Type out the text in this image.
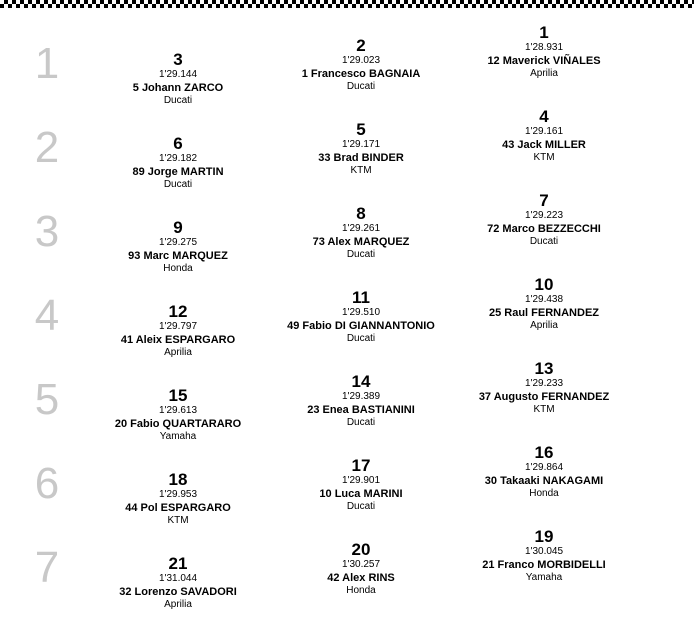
1	3
1'29.144
5 Johann ZARCO
Ducati
2
1'29.023
1 Francesco BAGNAIA
Ducati
1
1'28.931
12 Maverick VIÑALES
Aprilia
2	6
1'29.182
89 Jorge MARTIN
Ducati
5
1'29.171
33 Brad BINDER
KTM
4
1'29.161
43 Jack MILLER
KTM
3	9
1'29.275
93 Marc MARQUEZ
Honda
8
1'29.261
73 Alex MARQUEZ
Ducati
7
1'29.223
72 Marco BEZZECCHI
Ducati
4	12
1'29.797
41 Aleix ESPARGARO
Aprilia
11
1'29.510
49 Fabio DI GIANNANTONIO
Ducati
10
1'29.438
25 Raul FERNANDEZ
Aprilia
5	15
1'29.613
20 Fabio QUARTARARO
Yamaha
14
1'29.389
23 Enea BASTIANINI
Ducati
13
1'29.233
37 Augusto FERNANDEZ
KTM
6	18
1'29.953
44 Pol ESPARGARO
KTM
17
1'29.901
10 Luca MARINI
Ducati
16
1'29.864
30 Takaaki NAKAGAMI
Honda
7	21
1'31.044
32 Lorenzo SAVADORI
Aprilia
20
1'30.257
42 Alex RINS
Honda
19
1'30.045
21 Franco MORBIDELLI
Yamaha
